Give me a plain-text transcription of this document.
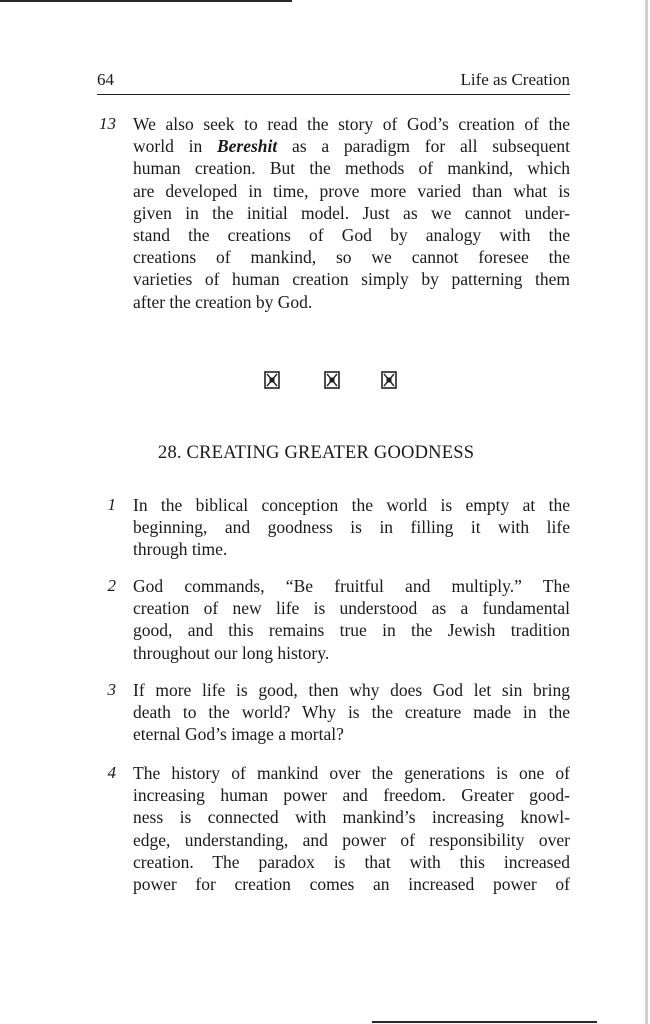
64	Life as Creation
13 We also seek to read the story of God’s creation of the
world in Bereshit as a paradigm for all subsequent
human creation. But the methods of mankind, which
are developed in time, prove more varied than what is
given in the initial model. Just as we cannot under-
stand the creations of God by analogy with the
creations of mankind, so we cannot foresee the
varieties of human creation simply by patterning them
after the creation by God.
28. CREATING GREATER GOODNESS
1 In the biblical conception the world is empty at the
beginning, and goodness is in filling it with life
through time.
2 God commands, “Be fruitful and multiply.” The
creation of new life is understood as a fundamental
good, and this remains true in the Jewish tradition
throughout our long history.
3 If more life is good, then why does God let sin bring
death to the world? Why is the creature made in the
eternal God’s image a mortal?
4 The history of mankind over the generations is one of
increasing human power and freedom. Greater good-
ness is connected with mankind’s increasing knowl-
edge, understanding, and power of responsibility over
creation. The paradox is that with this increased
power for creation comes an increased power of
